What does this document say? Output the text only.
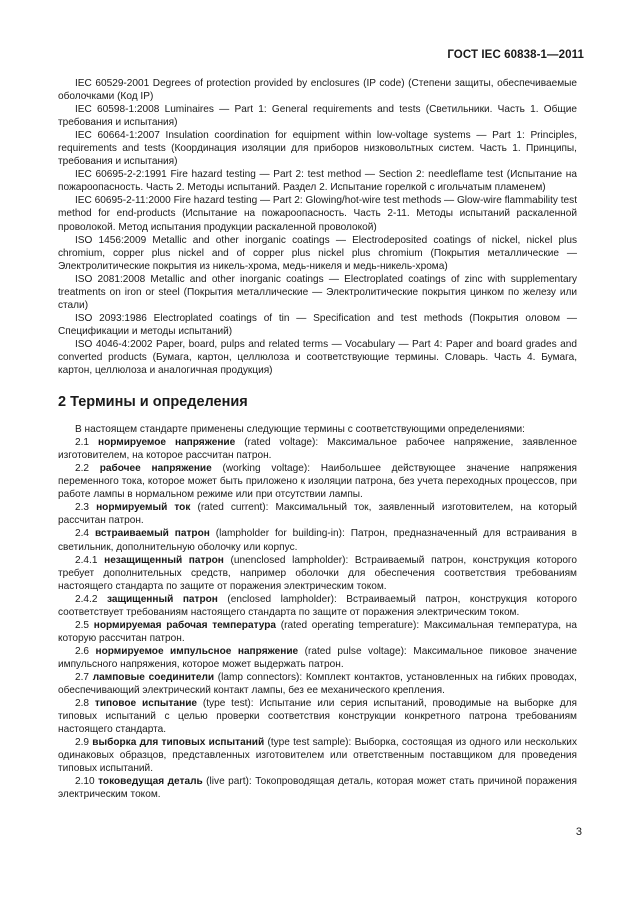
ГОСТ IEC 60838-1—2011

IEC 60529-2001 Degrees of protection provided by enclosures (IP code) (Степени защиты, обеспечиваемые оболочками (Код IP)

IEC 60598-1:2008 Luminaires — Part 1: General requirements and tests (Светильники. Часть 1. Общие требования и испытания)

IEC 60664-1:2007 Insulation coordination for equipment within low-voltage systems — Part 1: Principles, requirements and tests (Координация изоляции для приборов низковольтных систем. Часть 1. Принципы, требования и испытания)

IEC 60695-2-2:1991 Fire hazard testing — Part 2: test method — Section 2: needleflame test (Испытание на пожароопасность. Часть 2. Методы испытаний. Раздел 2. Испытание горелкой с игольчатым пламенем)

IEC 60695-2-11:2000 Fire hazard testing — Part 2: Glowing/hot-wire test methods — Glow-wire flammability test method for end-products (Испытание на пожароопасность. Часть 2-11. Методы испытаний раскаленной проволокой. Метод испытания продукции раскаленной проволокой)

ISO 1456:2009 Metallic and other inorganic coatings — Electrodeposited coatings of nickel, nickel plus chromium, copper plus nickel and of copper plus nickel plus chromium (Покрытия металлические — Электролитические покрытия из никель-хрома, медь-никеля и медь-никель-хрома)

ISO 2081:2008 Metallic and other inorganic coatings — Electroplated coatings of zinc with supplementary treatments on iron or steel (Покрытия металлические — Электролитические покрытия цинком по железу или стали)

ISO 2093:1986 Electroplated coatings of tin — Specification and test methods (Покрытия оловом — Спецификации и методы испытаний)

ISO 4046-4:2002 Paper, board, pulps and related terms — Vocabulary — Part 4: Paper and board grades and converted products (Бумага, картон, целлюлоза и соответствующие термины. Словарь. Часть 4. Бумага, картон, целлюлоза и аналогичная продукция)

2 Термины и определения

В настоящем стандарте применены следующие термины с соответствующими определениями:

2.1 нормируемое напряжение (rated voltage): Максимальное рабочее напряжение, заявленное изготовителем, на которое рассчитан патрон.

2.2 рабочее напряжение (working voltage): Наибольшее действующее значение напряжения переменного тока, которое может быть приложено к изоляции патрона, без учета переходных процессов, при работе лампы в нормальном режиме или при отсутствии лампы.

2.3 нормируемый ток (rated current): Максимальный ток, заявленный изготовителем, на который рассчитан патрон.

2.4 встраиваемый патрон (lampholder for building-in): Патрон, предназначенный для встраивания в светильник, дополнительную оболочку или корпус.

2.4.1 незащищенный патрон (unenclosed lampholder): Встраиваемый патрон, конструкция которого требует дополнительных средств, например оболочки для обеспечения соответствия требованиям настоящего стандарта по защите от поражения электрическим током.

2.4.2 защищенный патрон (enclosed lampholder): Встраиваемый патрон, конструкция которого соответствует требованиям настоящего стандарта по защите от поражения электрическим током.

2.5 нормируемая рабочая температура (rated operating temperature): Максимальная температура, на которую рассчитан патрон.

2.6 нормируемое импульсное напряжение (rated pulse voltage): Максимальное пиковое значение импульсного напряжения, которое может выдержать патрон.

2.7 ламповые соединители (lamp connectors): Комплект контактов, установленных на гибких проводах, обеспечивающий электрический контакт лампы, без ее механического крепления.

2.8 типовое испытание (type test): Испытание или серия испытаний, проводимые на выборке для типовых испытаний с целью проверки соответствия конструкции конкретного патрона требованиям настоящего стандарта.

2.9 выборка для типовых испытаний (type test sample): Выборка, состоящая из одного или нескольких одинаковых образцов, представленных изготовителем или ответственным поставщиком для проведения типовых испытаний.

2.10 токоведущая деталь (live part): Токопроводящая деталь, которая может стать причиной поражения электрическим током.

3
